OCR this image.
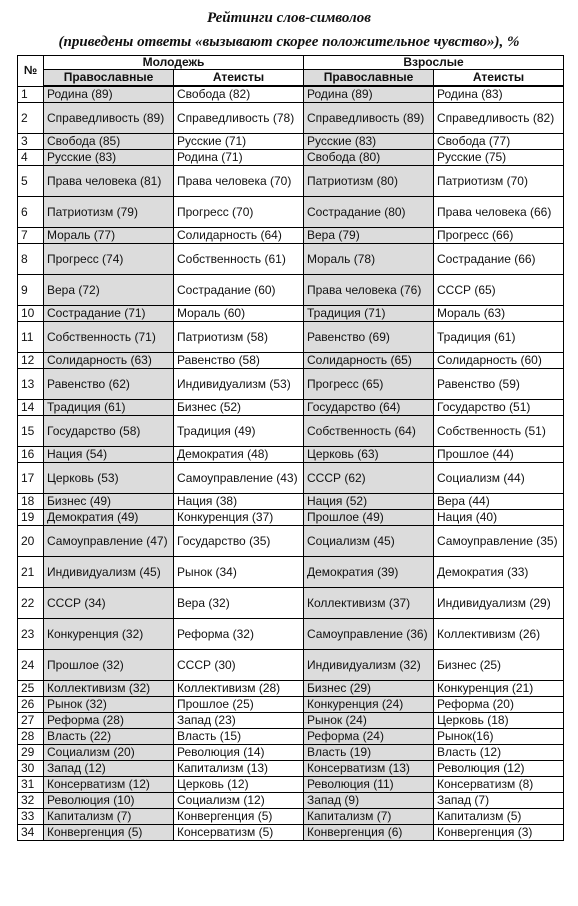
Рейтинги слов-символов
(приведены ответы «вызывают скорее положительное чувство»), %
№	Молодежь		Взрослые	
	Православные	Атеисты	Православные	Атеисты
1	Родина (89)	Свобода (82)	Родина (89)	Родина (83)
2	Справедливость (89)	Справедливость (78)	Справедливость (89)	Справедливость (82)
3	Свобода (85)	Русские (71)	Русские (83)	Свобода (77)
4	Русские (83)	Родина (71)	Свобода (80)	Русские (75)
5	Права человека (81)	Права человека (70)	Патриотизм (80)	Патриотизм (70)
6	Патриотизм (79)	Прогресс (70)	Сострадание (80)	Права человека (66)
7	Мораль (77)	Солидарность (64)	Вера (79)	Прогресс (66)
8	Прогресс (74)	Собственность (61)	Мораль (78)	Сострадание (66)
9	Вера (72)	Сострадание (60)	Права человека (76)	СССР (65)
10	Сострадание (71)	Мораль (60)	Традиция (71)	Мораль (63)
11	Собственность (71)	Патриотизм (58)	Равенство (69)	Традиция (61)
12	Солидарность (63)	Равенство (58)	Солидарность (65)	Солидарность (60)
13	Равенство (62)	Индивидуализм (53)	Прогресс (65)	Равенство (59)
14	Традиция (61)	Бизнес (52)	Государство (64)	Государство (51)
15	Государство (58)	Традиция (49)	Собственность (64)	Собственность (51)
16	Нация (54)	Демократия (48)	Церковь (63)	Прошлое (44)
17	Церковь (53)	Самоуправление (43)	СССР (62)	Социализм (44)
18	Бизнес (49)	Нация (38)	Нация (52)	Вера (44)
19	Демократия (49)	Конкуренция (37)	Прошлое (49)	Нация (40)
20	Самоуправление (47)	Государство (35)	Социализм (45)	Самоуправление (35)
21	Индивидуализм (45)	Рынок (34)	Демократия (39)	Демократия (33)
22	СССР (34)	Вера (32)	Коллективизм (37)	Индивидуализм (29)
23	Конкуренция (32)	Реформа (32)	Самоуправление (36)	Коллективизм (26)
24	Прошлое (32)	СССР (30)	Индивидуализм (32)	Бизнес (25)
25	Коллективизм (32)	Коллективизм (28)	Бизнес (29)	Конкуренция (21)
26	Рынок (32)	Прошлое (25)	Конкуренция (24)	Реформа (20)
27	Реформа (28)	Запад (23)	Рынок (24)	Церковь (18)
28	Власть (22)	Власть (15)	Реформа (24)	Рынок(16)
29	Социализм (20)	Революция (14)	Власть (19)	Власть (12)
30	Запад (12)	Капитализм (13)	Консерватизм (13)	Революция (12)
31	Консерватизм (12)	Церковь (12)	Революция (11)	Консерватизм (8)
32	Революция (10)	Социализм (12)	Запад (9)	Запад (7)
33	Капитализм (7)	Конвергенция (5)	Капитализм (7)	Капитализм (5)
34	Конвергенция (5)	Консерватизм (5)	Конвергенция (6)	Конвергенция (3)
